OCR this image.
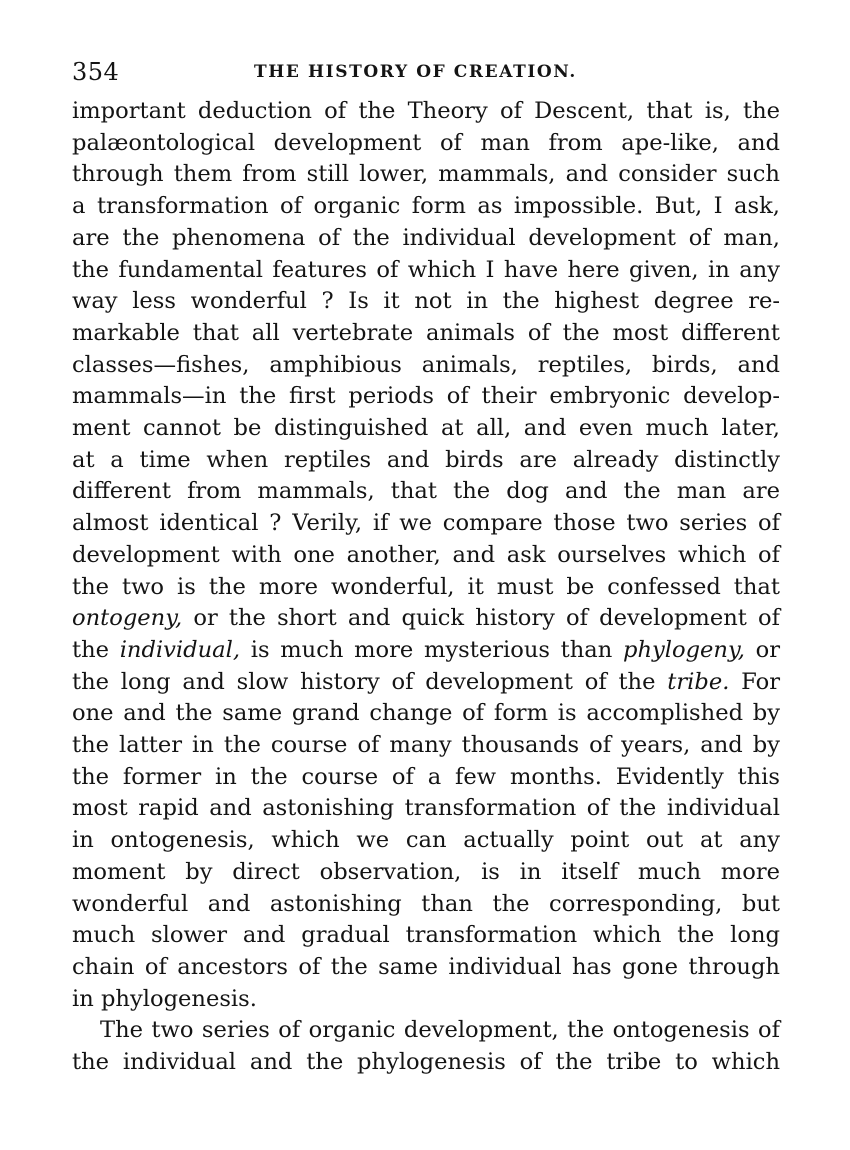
354	THE HISTORY OF CREATION.
important deduction of the Theory of Descent, that is, the
palæontological development of man from ape-like, and
through them from still lower, mammals, and consider such
a transformation of organic form as impossible. But, I ask,
are the phenomena of the individual development of man,
the fundamental features of which I have here given, in any
way less wonderful ? Is it not in the highest degree re-
markable that all vertebrate animals of the most different
classes—fishes, amphibious animals, reptiles, birds, and
mammals—in the first periods of their embryonic develop-
ment cannot be distinguished at all, and even much later,
at a time when reptiles and birds are already distinctly
different from mammals, that the dog and the man are
almost identical ? Verily, if we compare those two series of
development with one another, and ask ourselves which of
the two is the more wonderful, it must be confessed that
ontogeny, or the short and quick history of development of
the individual, is much more mysterious than phylogeny, or
the long and slow history of development of the tribe. For
one and the same grand change of form is accomplished by
the latter in the course of many thousands of years, and by
the former in the course of a few months. Evidently this
most rapid and astonishing transformation of the individual
in ontogenesis, which we can actually point out at any
moment by direct observation, is in itself much more
wonderful and astonishing than the corresponding, but
much slower and gradual transformation which the long
chain of ancestors of the same individual has gone through
in phylogenesis.
The two series of organic development, the ontogenesis of
the individual and the phylogenesis of the tribe to which
